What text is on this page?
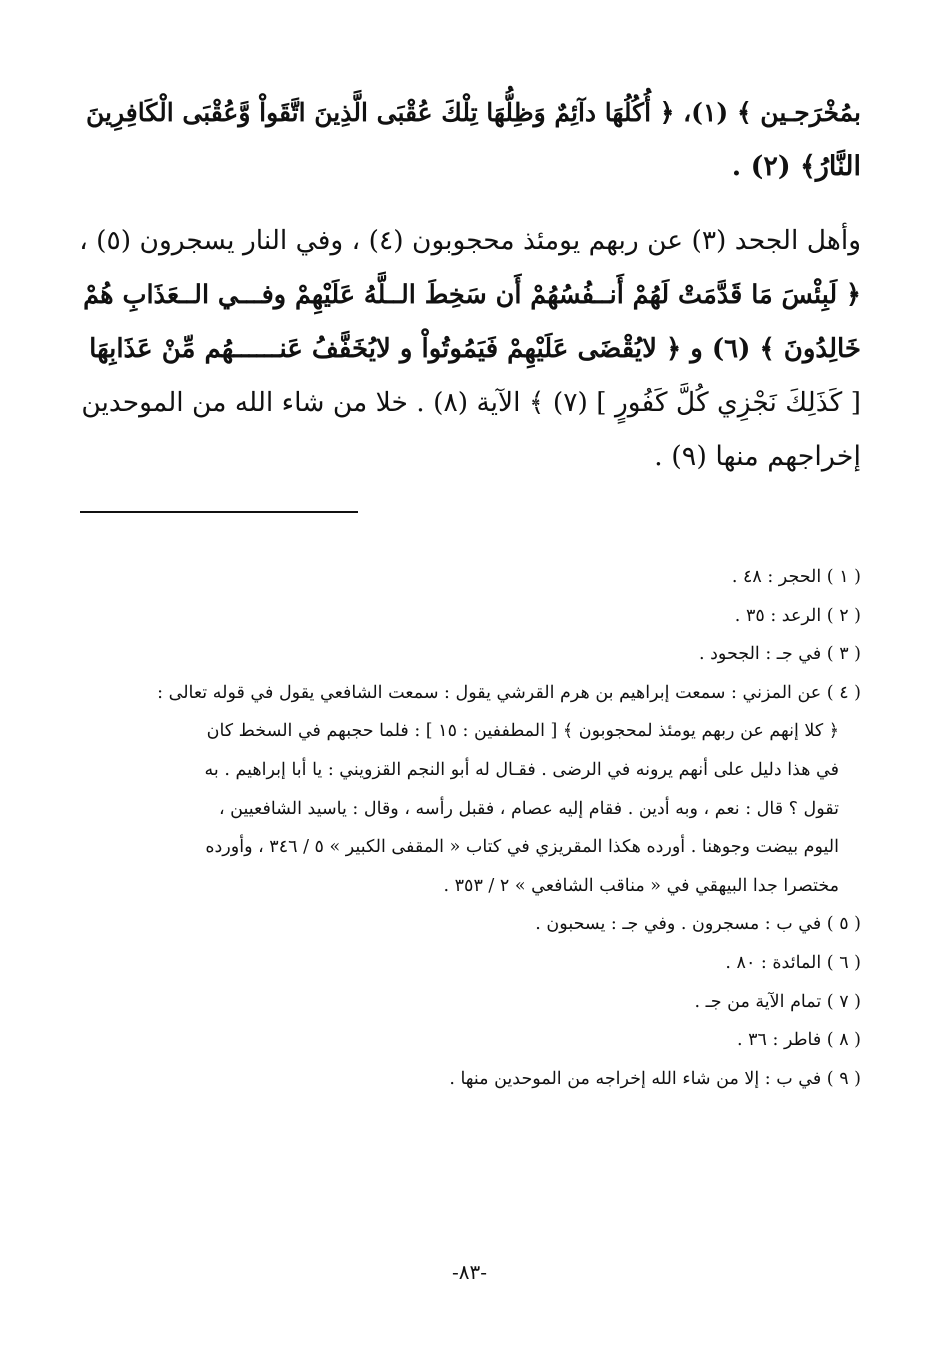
بمُخْرَجـين ﴾ (١)، ﴿ أُكُلُهَا دآئِمٌ وَظِلُّهَا تِلْكَ عُقْبَى الَّذِينَ اتَّقَواْ وَّعُقْبَى الْكَافِرِينَ
النَّارُ﴾ (٢) .
وأهل الجحد (٣) عن ربهم يومئذ محجوبون (٤) ، وفي النار يسجرون (٥) ،
﴿ لَبِئْسَ مَا قَدَّمَتْ لَهُمْ أَنــفُسُهُمْ أَن سَخِطَ الــلَّهُ عَلَيْهِمْ وفـــي الــعَذَابِ هُمْ
خَالِدُونَ ﴾ (٦) و ﴿ لايُقْضَى عَلَيْهِمْ فَيَمُوتُواْ و لايُخَفَّفُ عَنــــــهُم مِّنْ عَذَابِهَا
[ كَذَلِكَ نَجْزِي كُلَّ كَفُورٍ ] (٧) ﴾ الآية (٨) . خلا من شاء الله من الموحدين
إخراجهم منها (٩) .
( ١ ) الحجر : ٤٨ .
( ٢ ) الرعد : ٣٥ .
( ٣ ) في جـ : الجحود .
( ٤ ) عن المزني : سمعت إبراهيم بن هرم القرشي يقول : سمعت الشافعي يقول في قوله تعالى :
﴿ كلا إنهم عن ربهم يومئذ لمحجوبون ﴾ [ المطففين : ١٥ ] : فلما حجبهم في السخط كان
في هذا دليل على أنهم يرونه في الرضى . فقـال له أبو النجم القزويني : يا أبا إبراهيم . به
تقول ؟ قال : نعم ، وبه أدين . فقام إليه عصام ، فقبل رأسه ، وقال : ياسيد الشافعيين ،
اليوم بيضت وجوهنا . أورده هكذا المقريزي في كتاب « المقفى الكبير » ٥ / ٣٤٦ ، وأورده
مختصرا جدا البيهقي في « مناقب الشافعي » ٢ / ٣٥٣ .
( ٥ ) في ب : مسجرون . وفي جـ : يسحبون .
( ٦ ) المائدة : ٨٠ .
( ٧ ) تمام الآية من جـ .
( ٨ ) فاطر : ٣٦ .
( ٩ ) في ب : إلا من شاء الله إخراجه من الموحدين منها .
-٨٣-
